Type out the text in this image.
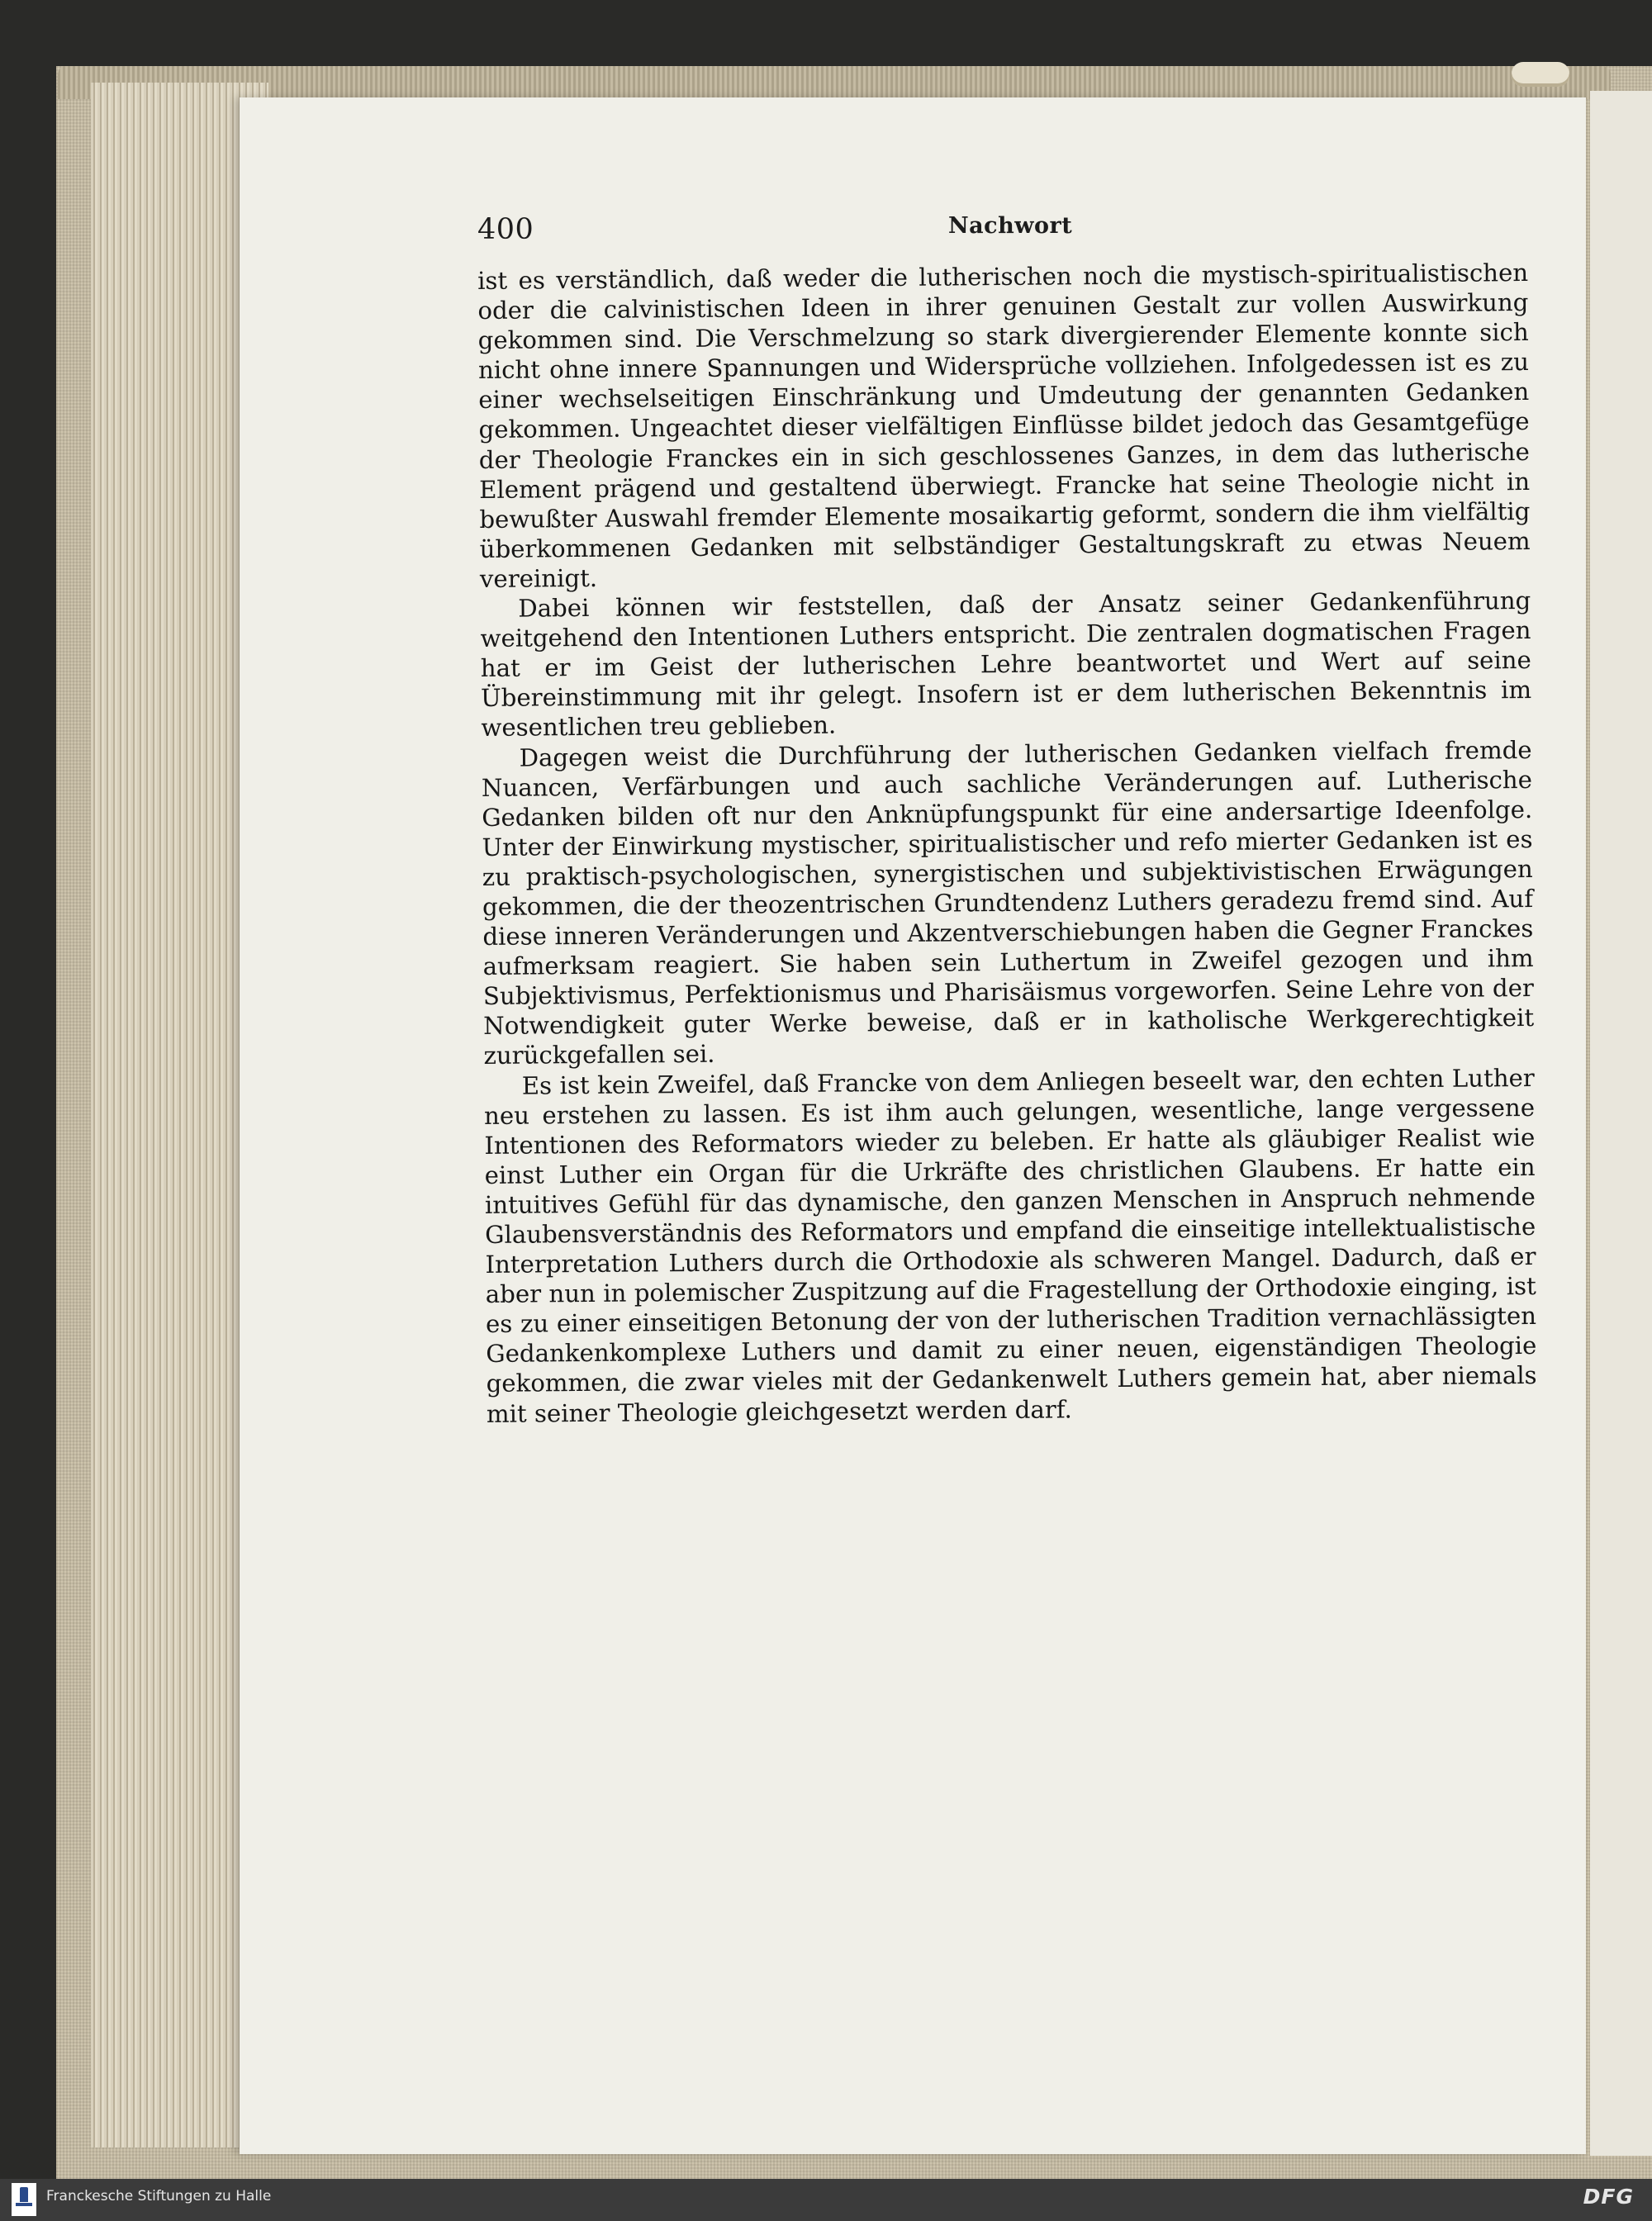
400	Nachwort

ist es verständlich, daß weder die lutherischen noch die mystisch-spiritualistischen oder die calvinistischen Ideen in ihrer genuinen Gestalt zur vollen Auswirkung gekommen sind. Die Verschmelzung so stark divergierender Elemente konnte sich nicht ohne innere Spannungen und Widersprüche vollziehen. Infolgedessen ist es zu einer wechselseitigen Einschränkung und Umdeutung der genannten Gedanken gekommen. Ungeachtet dieser vielfältigen Einflüsse bildet jedoch das Gesamtgefüge der Theologie Franckes ein in sich geschlossenes Ganzes, in dem das lutherische Element prägend und gestaltend überwiegt. Francke hat seine Theologie nicht in bewußter Auswahl fremder Elemente mosaikartig geformt, sondern die ihm vielfältig überkommenen Gedanken mit selbständiger Gestaltungskraft zu etwas Neuem vereinigt.

Dabei können wir feststellen, daß der Ansatz seiner Gedankenführung weitgehend den Intentionen Luthers entspricht. Die zentralen dogmatischen Fragen hat er im Geist der lutherischen Lehre beantwortet und Wert auf seine Übereinstimmung mit ihr gelegt. Insofern ist er dem lutherischen Bekenntnis im wesentlichen treu geblieben.

Dagegen weist die Durchführung der lutherischen Gedanken vielfach fremde Nuancen, Verfärbungen und auch sachliche Veränderungen auf. Lutherische Gedanken bilden oft nur den Anknüpfungspunkt für eine andersartige Ideenfolge. Unter der Einwirkung mystischer, spiritualistischer und refo mierter Gedanken ist es zu praktisch-psychologischen, synergistischen und subjektivistischen Erwägungen gekommen, die der theozentrischen Grundtendenz Luthers geradezu fremd sind. Auf diese inneren Veränderungen und Akzentverschiebungen haben die Gegner Franckes aufmerksam reagiert. Sie haben sein Luthertum in Zweifel gezogen und ihm Subjektivismus, Perfektionismus und Pharisäismus vorgeworfen. Seine Lehre von der Notwendigkeit guter Werke beweise, daß er in katholische Werkgerechtigkeit zurückgefallen sei.

Es ist kein Zweifel, daß Francke von dem Anliegen beseelt war, den echten Luther neu erstehen zu lassen. Es ist ihm auch gelungen, wesentliche, lange vergessene Intentionen des Reformators wieder zu beleben. Er hatte als gläubiger Realist wie einst Luther ein Organ für die Urkräfte des christlichen Glaubens. Er hatte ein intuitives Gefühl für das dynamische, den ganzen Menschen in Anspruch nehmende Glaubensverständnis des Reformators und empfand die einseitige intellektualistische Interpretation Luthers durch die Orthodoxie als schweren Mangel. Dadurch, daß er aber nun in polemischer Zuspitzung auf die Fragestellung der Orthodoxie einging, ist es zu einer einseitigen Betonung der von der lutherischen Tradition vernachlässigten Gedankenkomplexe Luthers und damit zu einer neuen, eigenständigen Theologie gekommen, die zwar vieles mit der Gedankenwelt Luthers gemein hat, aber niemals mit seiner Theologie gleichgesetzt werden darf.

Franckesche Stiftungen zu Halle	DFG
